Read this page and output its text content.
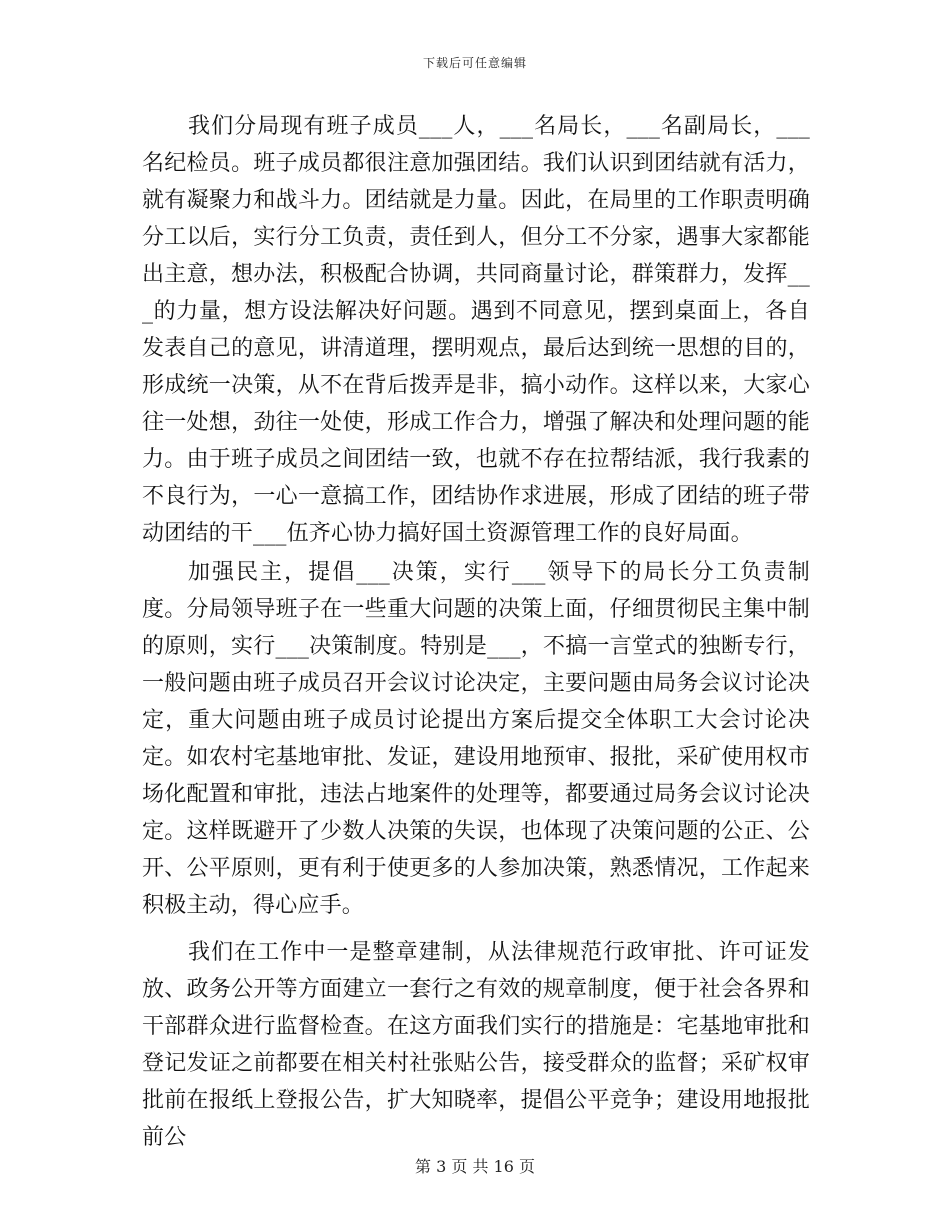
下载后可任意编辑

我们分局现有班子成员___人，___名局长，___名副局长，___名纪检员。班子成员都很注意加强团结。我们认识到团结就有活力，就有凝聚力和战斗力。团结就是力量。因此，在局里的工作职责明确分工以后，实行分工负责，责任到人，但分工不分家，遇事大家都能出主意，想办法，积极配合协调，共同商量讨论，群策群力，发挥___的力量，想方设法解决好问题。遇到不同意见，摆到桌面上，各自发表自己的意见，讲清道理，摆明观点，最后达到统一思想的目的，形成统一决策，从不在背后拨弄是非，搞小动作。这样以来，大家心往一处想，劲往一处使，形成工作合力，增强了解决和处理问题的能力。由于班子成员之间团结一致，也就不存在拉帮结派，我行我素的不良行为，一心一意搞工作，团结协作求进展，形成了团结的班子带动团结的干___伍齐心协力搞好国土资源管理工作的良好局面。

加强民主，提倡___决策，实行___领导下的局长分工负责制度。分局领导班子在一些重大问题的决策上面，仔细贯彻民主集中制的原则，实行___决策制度。特别是___，不搞一言堂式的独断专行，一般问题由班子成员召开会议讨论决定，主要问题由局务会议讨论决定，重大问题由班子成员讨论提出方案后提交全体职工大会讨论决定。如农村宅基地审批、发证，建设用地预审、报批，采矿使用权市场化配置和审批，违法占地案件的处理等，都要通过局务会议讨论决定。这样既避开了少数人决策的失误，也体现了决策问题的公正、公开、公平原则，更有利于使更多的人参加决策，熟悉情况，工作起来积极主动，得心应手。

我们在工作中一是整章建制，从法律规范行政审批、许可证发放、政务公开等方面建立一套行之有效的规章制度，便于社会各界和干部群众进行监督检查。在这方面我们实行的措施是：宅基地审批和登记发证之前都要在相关村社张贴公告，接受群众的监督；采矿权审批前在报纸上登报公告，扩大知晓率，提倡公平竞争；建设用地报批前公

第 3 页 共 16 页
